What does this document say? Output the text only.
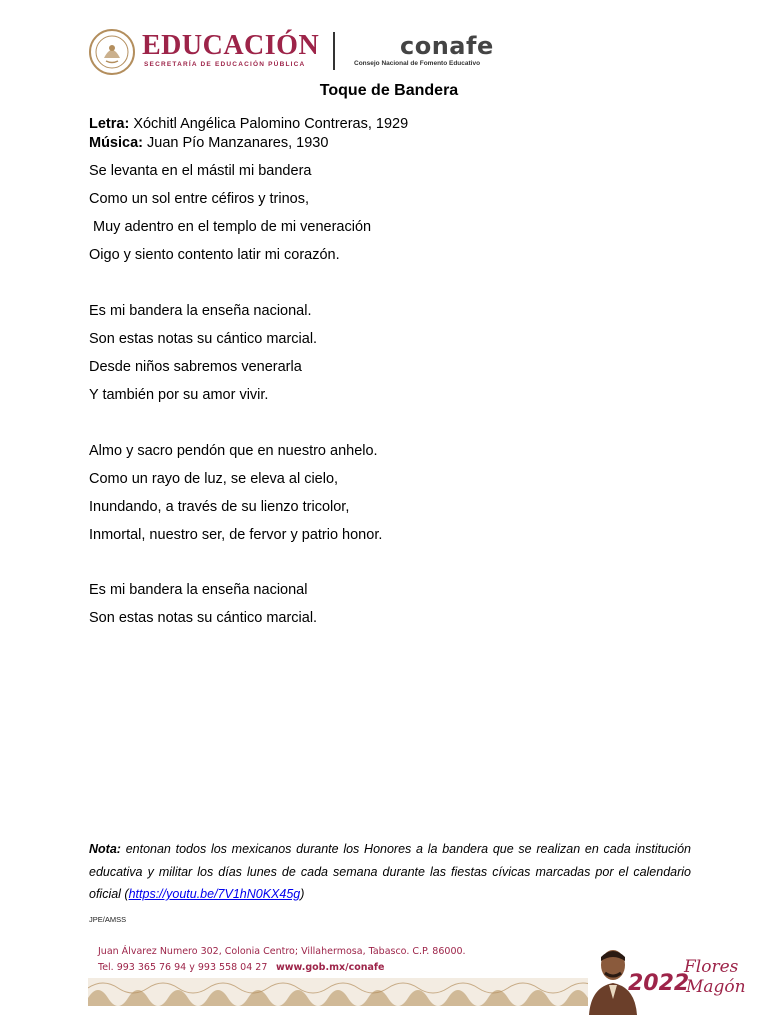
EDUCACIÓN
SECRETARÍA DE EDUCACIÓN PÚBLICA
conafe
Consejo Nacional de Fomento Educativo
Toque de Bandera
Letra: Xóchitl Angélica Palomino Contreras, 1929
Música: Juan Pío Manzanares, 1930
Se levanta en el mástil mi bandera
Como un sol entre céfiros y trinos,
Muy adentro en el templo de mi veneración
Oigo y siento contento latir mi corazón.
Es mi bandera la enseña nacional.
Son estas notas su cántico marcial.
Desde niños sabremos venerarla
Y también por su amor vivir.
Almo y sacro pendón que en nuestro anhelo.
Como un rayo de luz, se eleva al cielo,
Inundando, a través de su lienzo tricolor,
Inmortal, nuestro ser, de fervor y patrio honor.
Es mi bandera la enseña nacional
Son estas notas su cántico marcial.
Nota: entonan todos los mexicanos durante los Honores a la bandera que se realizan en cada institución educativa y militar los días lunes de cada semana durante las fiestas cívicas marcadas por el calendario oficial (https://youtu.be/7V1hN0KX45g)
JPE/AMSS
Juan Álvarez Numero 302, Colonia Centro; Villahermosa, Tabasco. C.P. 86000.
Tel. 993 365 76 94 y 993 558 04 27 www.gob.mx/conafe
2022
Flores
Magón
